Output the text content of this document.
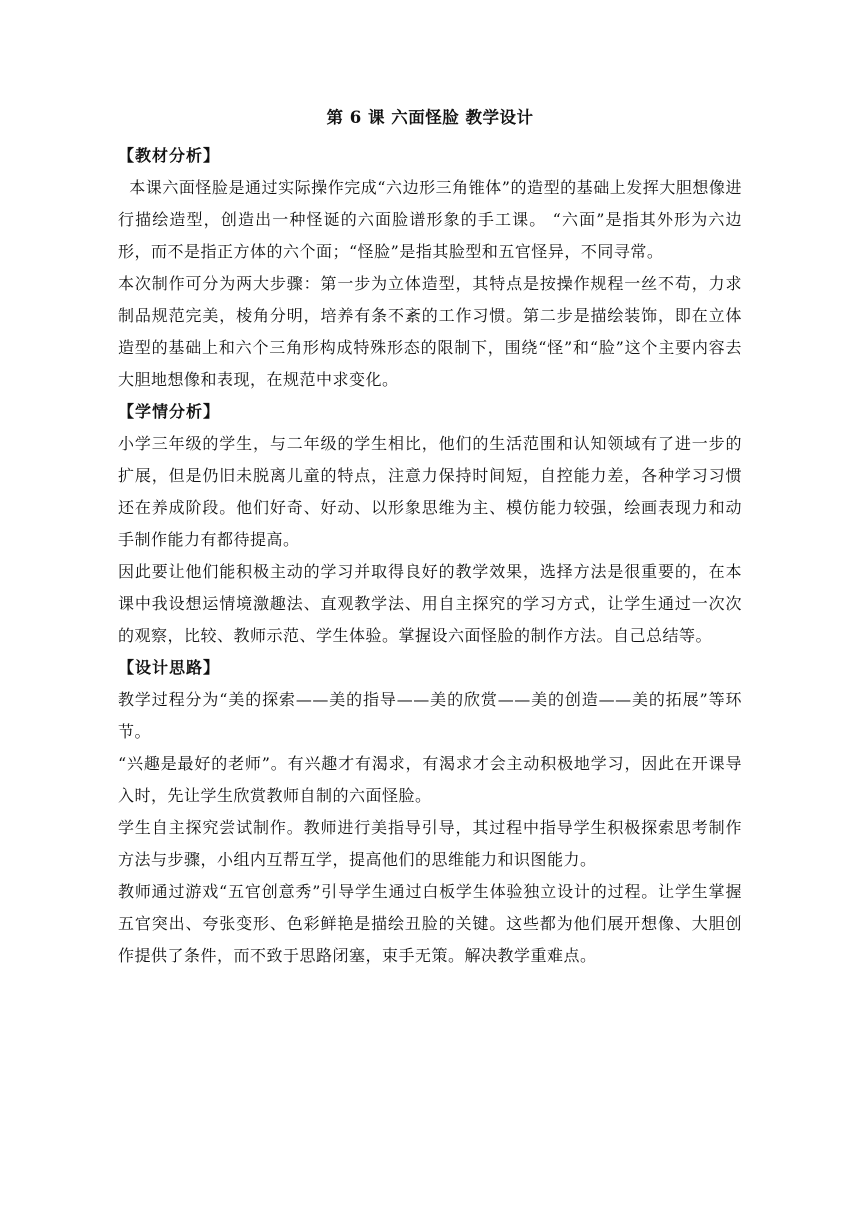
第 6 课 六面怪脸 教学设计
【教材分析】

本课六面怪脸是通过实际操作完成“六边形三角锥体”的造型的基础上发挥大胆想像进行描绘造型，创造出一种怪诞的六面脸谱形象的手工课。 “六面”是指其外形为六边形，而不是指正方体的六个面；“怪脸”是指其脸型和五官怪异，不同寻常。

本次制作可分为两大步骤：第一步为立体造型，其特点是按操作规程一丝不苟，力求制品规范完美，棱角分明，培养有条不紊的工作习惯。第二步是描绘装饰，即在立体造型的基础上和六个三角形构成特殊形态的限制下，围绕“怪”和“脸”这个主要内容去大胆地想像和表现，在规范中求变化。

【学情分析】

小学三年级的学生，与二年级的学生相比，他们的生活范围和认知领域有了进一步的扩展，但是仍旧未脱离儿童的特点，注意力保持时间短，自控能力差，各种学习习惯还在养成阶段。他们好奇、好动、以形象思维为主、模仿能力较强，绘画表现力和动手制作能力有都待提高。

因此要让他们能积极主动的学习并取得良好的教学效果，选择方法是很重要的，在本课中我设想运情境激趣法、直观教学法、用自主探究的学习方式，让学生通过一次次的观察，比较、教师示范、学生体验。掌握设六面怪脸的制作方法。自己总结等。

【设计思路】

教学过程分为“美的探索——美的指导——美的欣赏——美的创造——美的拓展”等环节。

“兴趣是最好的老师”。有兴趣才有渴求，有渴求才会主动积极地学习，因此在开课导入时，先让学生欣赏教师自制的六面怪脸。

学生自主探究尝试制作。教师进行美指导引导，其过程中指导学生积极探索思考制作方法与步骤，小组内互帮互学，提高他们的思维能力和识图能力。

教师通过游戏“五官创意秀”引导学生通过白板学生体验独立设计的过程。让学生掌握五官突出、夸张变形、色彩鲜艳是描绘丑脸的关键。这些都为他们展开想像、大胆创作提供了条件，而不致于思路闭塞，束手无策。解决教学重难点。
